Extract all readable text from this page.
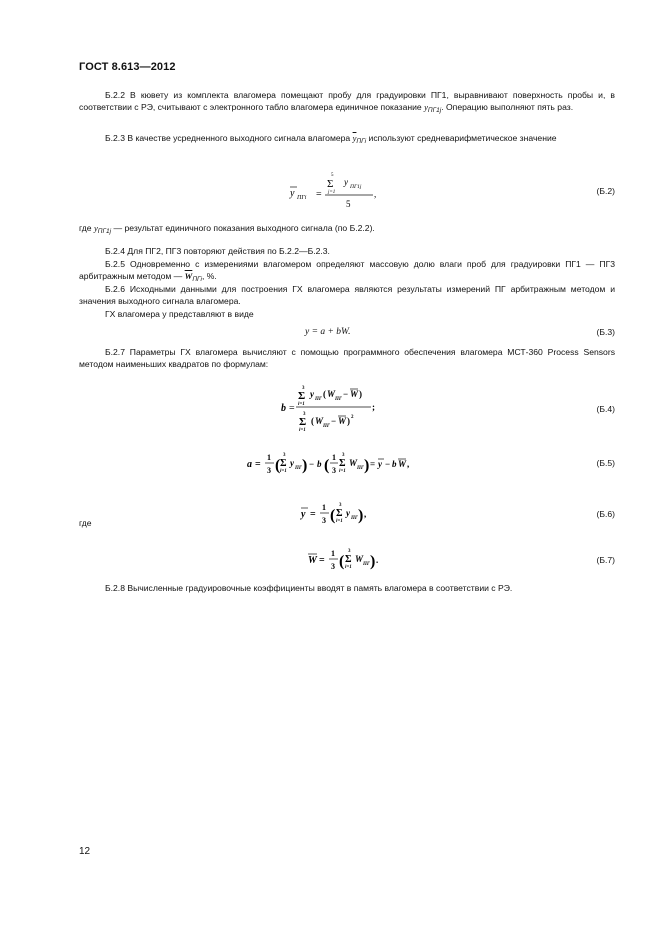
ГОСТ 8.613—2012

Б.2.2 В кювету из комплекта влагомера помещают пробу для градуировки ПГ1, выравнивают поверхность пробы и, в соответствии с РЭ, считывают с электронного табло влагомера единичное показание $y_{ПГ1j}$. Операцию выполняют пять раз.

Б.2.3 В качестве усредненного выходного сигнала влагомера $\overline{y}_{ПГi}$ используют средневарифметическое значение

y ПГi =
5
Σ
j=1
y ПГ1j
5
,	(Б.2)

где $y_{ПГ1j}$ — результат единичного показания выходного сигнала (по Б.2.2).

Б.2.4 Для ПГ2, ПГ3 повторяют действия по Б.2.2—Б.2.3.

Б.2.5 Одновременно с измерениями влагомером определяют массовую долю влаги проб для градуировки ПГ1 — ПГ3 арбитражным методом — $\overline{W}_{ПГi}$, %.

Б.2.6 Исходными данными для построения ГХ влагомера являются результаты измерений ПГ арбитражным методом и значения выходного сигнала влагомера.

ГХ влагомера y представляют в виде

y = a + bW.	(Б.3)

Б.2.7 Параметры ГХ влагомера вычисляют с помощью программного обеспечения влагомера МСТ-360 Process Sensors методом наименьших квадратов по формулам:

b =
3
Σ
i=1
y
ПГ
( W
ПГ
− W )
3
Σ
i=1
( W
ПГ
− W ) 2
;	(Б.4)
a =
1
3 (
3
Σ
i=1
y
ПГ ) − b ( 1
3
3
Σ
i=1
W
ПГ ) = y − b W ,	(Б.5)
y =
1
3 (
3
Σ
i=1
y
ПГ ) ,	(Б.6)
где
W =
1
3 (
3
Σ
i=1
W
ПГ ) .	(Б.7)

Б.2.8 Вычисленные градуировочные коэффициенты вводят в память влагомера в соответствии с РЭ.

12
